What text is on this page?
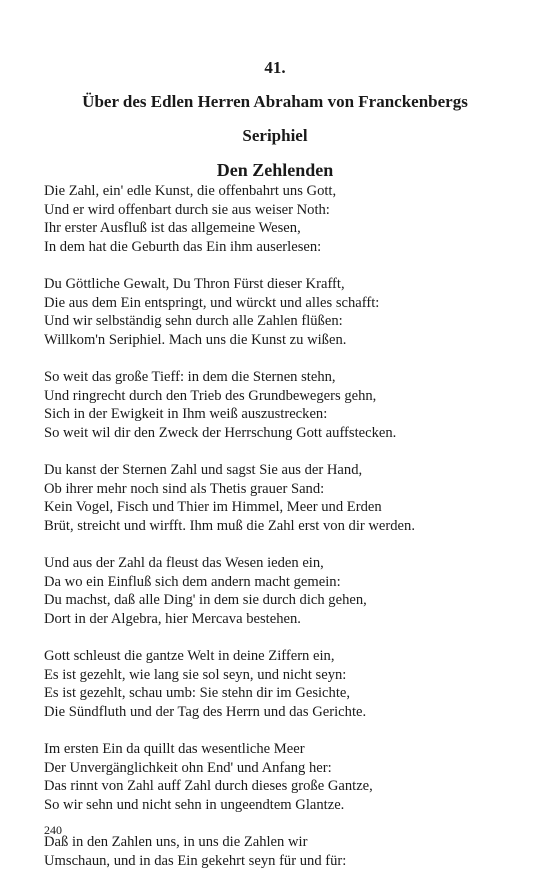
41.
Über des Edlen Herren Abraham von Franckenbergs
Seriphiel
Den Zehlenden
Die Zahl, ein' edle Kunst, die offenbahrt uns Gott,
Und er wird offenbart durch sie aus weiser Noth:
Ihr erster Ausfluß ist das allgemeine Wesen,
In dem hat die Geburth das Ein ihm auserlesen:
Du Göttliche Gewalt, Du Thron Fürst dieser Krafft,
Die aus dem Ein entspringt, und würckt und alles schafft:
Und wir selbständig sehn durch alle Zahlen flüßen:
Willkom'n Seriphiel. Mach uns die Kunst zu wißen.
So weit das große Tieff: in dem die Sternen stehn,
Und ringrecht durch den Trieb des Grundbewegers gehn,
Sich in der Ewigkeit in Ihm weiß auszustrecken:
So weit wil dir den Zweck der Herrschung Gott auffstecken.
Du kanst der Sternen Zahl und sagst Sie aus der Hand,
Ob ihrer mehr noch sind als Thetis grauer Sand:
Kein Vogel, Fisch und Thier im Himmel, Meer und Erden
Brüt, streicht und wirfft. Ihm muß die Zahl erst von dir werden.
Und aus der Zahl da fleust das Wesen ieden ein,
Da wo ein Einfluß sich dem andern macht gemein:
Du machst, daß alle Ding' in dem sie durch dich gehen,
Dort in der Algebra, hier Mercava bestehen.
Gott schleust die gantze Welt in deine Ziffern ein,
Es ist gezehlt, wie lang sie sol seyn, und nicht seyn:
Es ist gezehlt, schau umb: Sie stehn dir im Gesichte,
Die Sündfluth und der Tag des Herrn und das Gerichte.
Im ersten Ein da quillt das wesentliche Meer
Der Unvergänglichkeit ohn End' und Anfang her:
Das rinnt von Zahl auff Zahl durch dieses große Gantze,
So wir sehn und nicht sehn in ungeendtem Glantze.
Daß in den Zahlen uns, in uns die Zahlen wir
Umschaun, und in das Ein gekehrt seyn für und für:
240
